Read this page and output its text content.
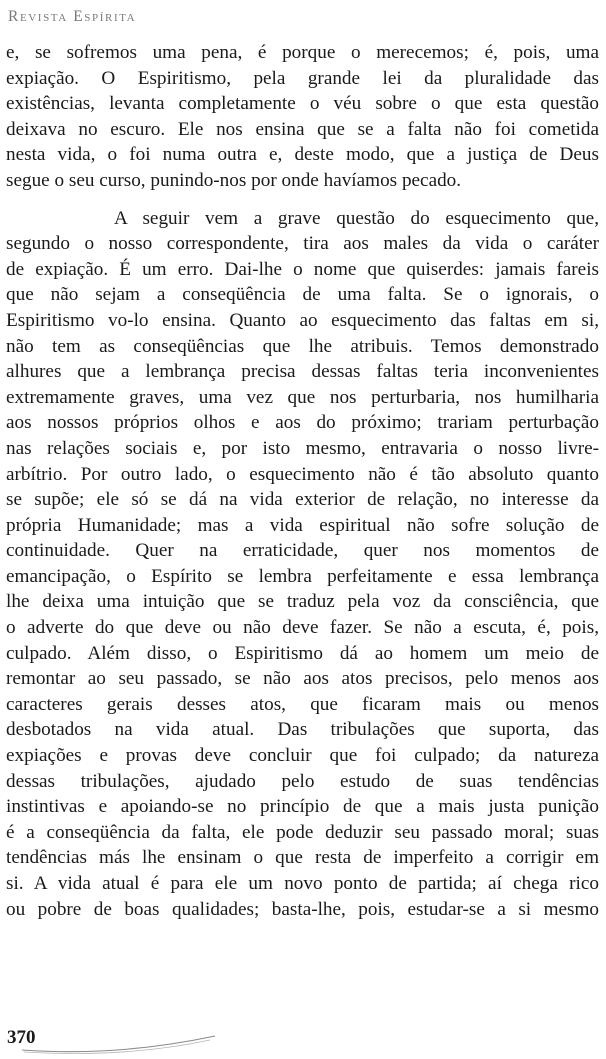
Revista Espírita
e, se sofremos uma pena, é porque o merecemos; é, pois, uma
expiação. O Espiritismo, pela grande lei da pluralidade das
existências, levanta completamente o véu sobre o que esta questão
deixava no escuro. Ele nos ensina que se a falta não foi cometida
nesta vida, o foi numa outra e, deste modo, que a justiça de Deus
segue o seu curso, punindo-nos por onde havíamos pecado.
A seguir vem a grave questão do esquecimento que,
segundo o nosso correspondente, tira aos males da vida o caráter
de expiação. É um erro. Dai-lhe o nome que quiserdes: jamais fareis
que não sejam a conseqüência de uma falta. Se o ignorais, o
Espiritismo vo-lo ensina. Quanto ao esquecimento das faltas em si,
não tem as conseqüências que lhe atribuis. Temos demonstrado
alhures que a lembrança precisa dessas faltas teria inconvenientes
extremamente graves, uma vez que nos perturbaria, nos humilharia
aos nossos próprios olhos e aos do próximo; trariam perturbação
nas relações sociais e, por isto mesmo, entravaria o nosso livre-
arbítrio. Por outro lado, o esquecimento não é tão absoluto quanto
se supõe; ele só se dá na vida exterior de relação, no interesse da
própria Humanidade; mas a vida espiritual não sofre solução de
continuidade. Quer na erraticidade, quer nos momentos de
emancipação, o Espírito se lembra perfeitamente e essa lembrança
lhe deixa uma intuição que se traduz pela voz da consciência, que
o adverte do que deve ou não deve fazer. Se não a escuta, é, pois,
culpado. Além disso, o Espiritismo dá ao homem um meio de
remontar ao seu passado, se não aos atos precisos, pelo menos aos
caracteres gerais desses atos, que ficaram mais ou menos
desbotados na vida atual. Das tribulações que suporta, das
expiações e provas deve concluir que foi culpado; da natureza
dessas tribulações, ajudado pelo estudo de suas tendências
instintivas e apoiando-se no princípio de que a mais justa punição
é a conseqüência da falta, ele pode deduzir seu passado moral; suas
tendências más lhe ensinam o que resta de imperfeito a corrigir em
si. A vida atual é para ele um novo ponto de partida; aí chega rico
ou pobre de boas qualidades; basta-lhe, pois, estudar-se a si mesmo
370
